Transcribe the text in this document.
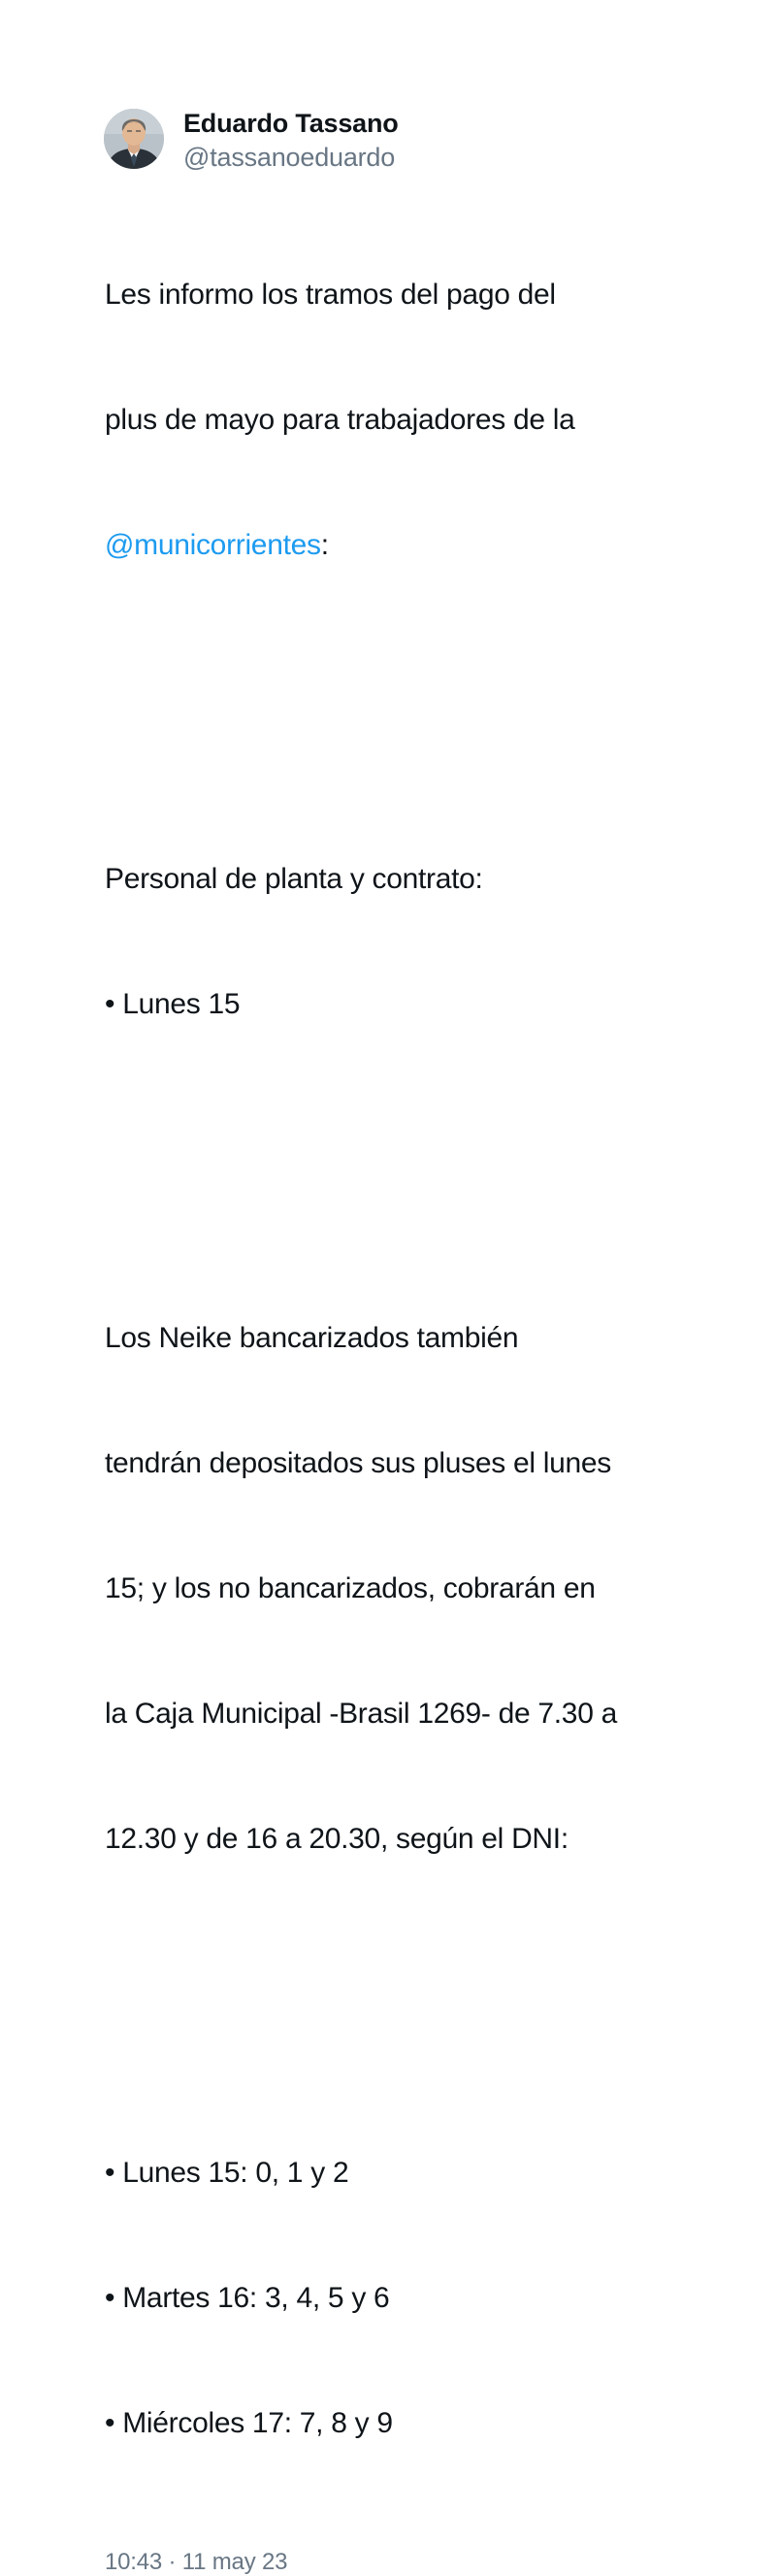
Eduardo Tassano
@tassanoeduardo

Les informo los tramos del pago del

plus de mayo para trabajadores de la

@municorrientes:

Personal de planta y contrato:

• Lunes 15

Los Neike bancarizados también

tendrán depositados sus pluses el lunes

15; y los no bancarizados, cobrarán en

la Caja Municipal -Brasil 1269- de 7.30 a

12.30 y de 16 a 20.30, según el DNI:

• Lunes 15: 0, 1 y 2

• Martes 16: 3, 4, 5 y 6

• Miércoles 17: 7, 8 y 9

10:43 · 11 may 23
